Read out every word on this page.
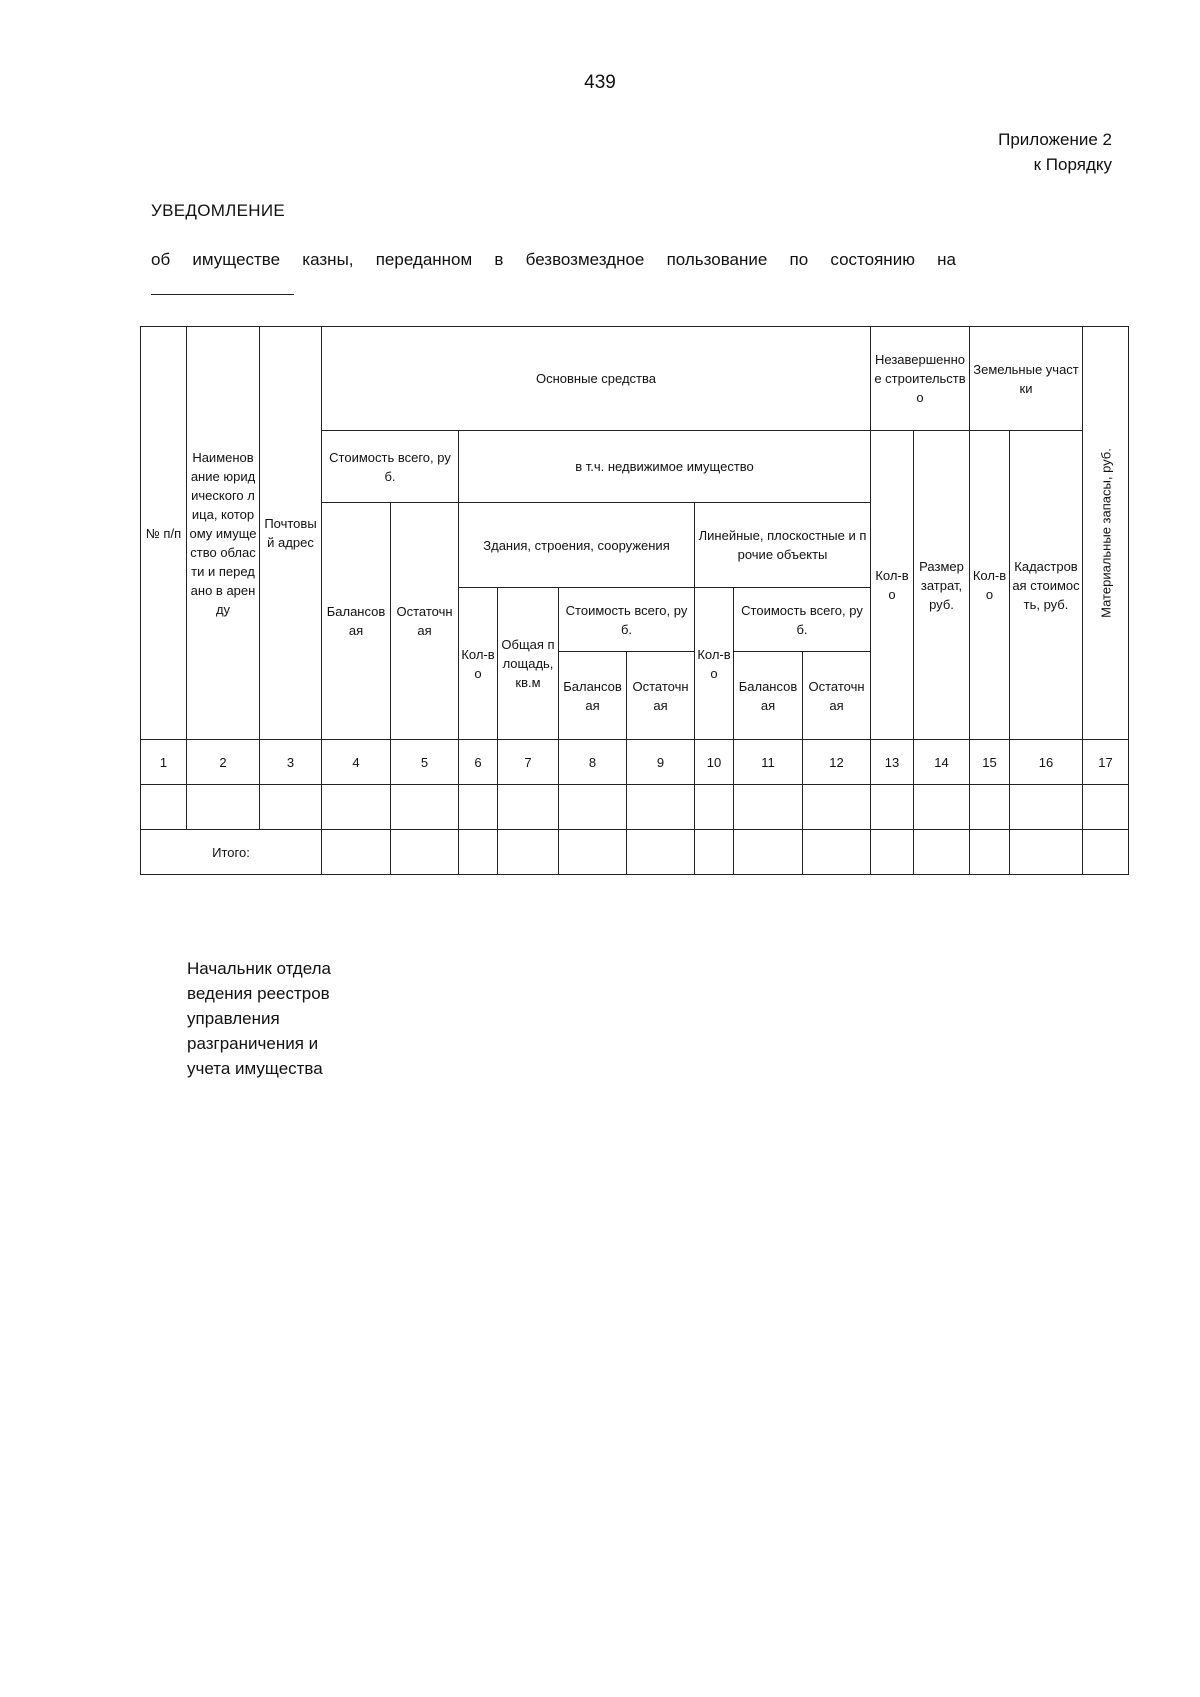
439
Приложение 2
к Порядку
УВЕДОМЛЕНИЕ
об имуществе казны, переданном в безвозмездное пользование по состоянию на
№ п/п	Наименование юридического лица, которому имущество области и передано в аренду	Почтовый адрес	Основные средства									Незавершенное строительство		Земельные участки		Материальные запасы, руб.

			Стоимость всего, руб.		в т.ч. недвижимое имущество							Кол-во	Размер затрат, руб.	Кол-во	Кадастровая стоимость, руб.	
			Балансовая	Остаточная	Здания, строения, сооружения				Линейные, плоскостные и прочие объекты							
					Кол-во	Общая площадь, кв.м	Стоимость всего, руб.		Кол-во	Стоимость всего, руб.						
							Балансовая	Остаточная		Балансовая	Остаточная					

1	2	3	4	5	6	7	8	9	10	11	12	13	14	15	16	17

Итого:																
Начальник отдела
ведения реестров
управления
разграничения и
учета имущества
